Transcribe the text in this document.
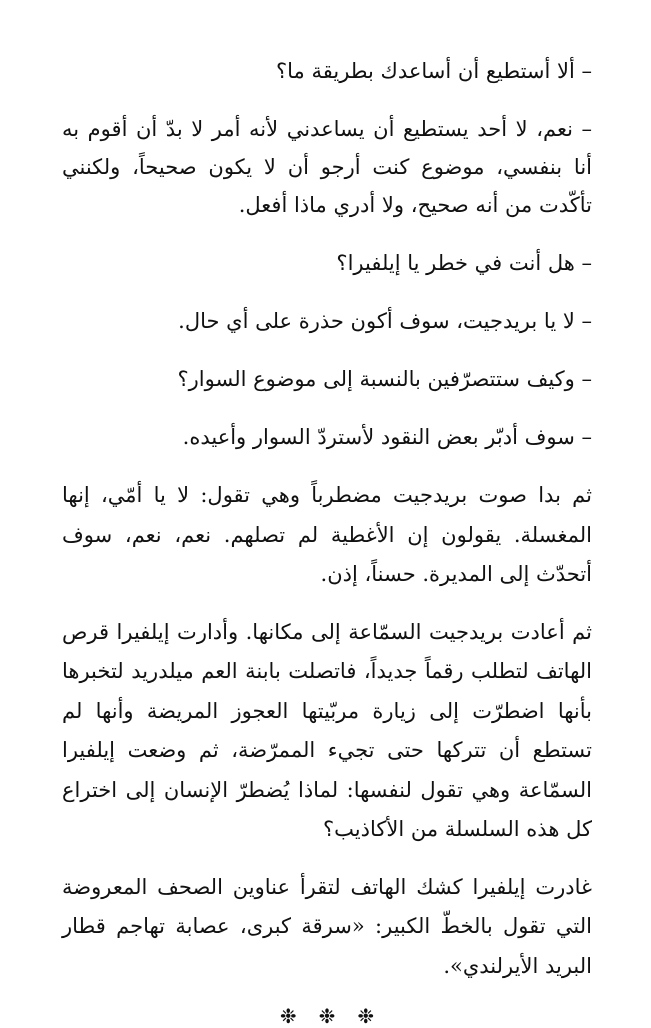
– ألا أستطيع أن أساعدك بطريقة ما؟

– نعم، لا أحد يستطيع أن يساعدني لأنه أمر لا بدّ أن أقوم به أنا بنفسي، موضوع كنت أرجو أن لا يكون صحيحاً، ولكنني تأكّدت من أنه صحيح، ولا أدري ماذا أفعل.

– هل أنت في خطر يا إيلفيرا؟

– لا يا بريدجيت، سوف أكون حذرة على أي حال.

– وكيف ستتصرّفين بالنسبة إلى موضوع السوار؟

– سوف أدبّر بعض النقود لأستردّ السوار وأعيده.

ثم بدا صوت بريدجيت مضطرباً وهي تقول: لا يا أمّي، إنها المغسلة. يقولون إن الأغطية لم تصلهم. نعم، نعم، سوف أتحدّث إلى المديرة. حسناً، إذن.

ثم أعادت بريدجيت السمّاعة إلى مكانها. وأدارت إيلفيرا قرص الهاتف لتطلب رقماً جديداً، فاتصلت بابنة العم ميلدريد لتخبرها بأنها اضطرّت إلى زيارة مربّيتها العجوز المريضة وأنها لم تستطع أن تتركها حتى تجيء الممرّضة، ثم وضعت إيلفيرا السمّاعة وهي تقول لنفسها: لماذا يُضطرّ الإنسان إلى اختراع كل هذه السلسلة من الأكاذيب؟

غادرت إيلفيرا كشك الهاتف لتقرأ عناوين الصحف المعروضة التي تقول بالخطّ الكبير: «سرقة كبرى، عصابة تهاجم قطار البريد الأيرلندي».

❉❉❉
